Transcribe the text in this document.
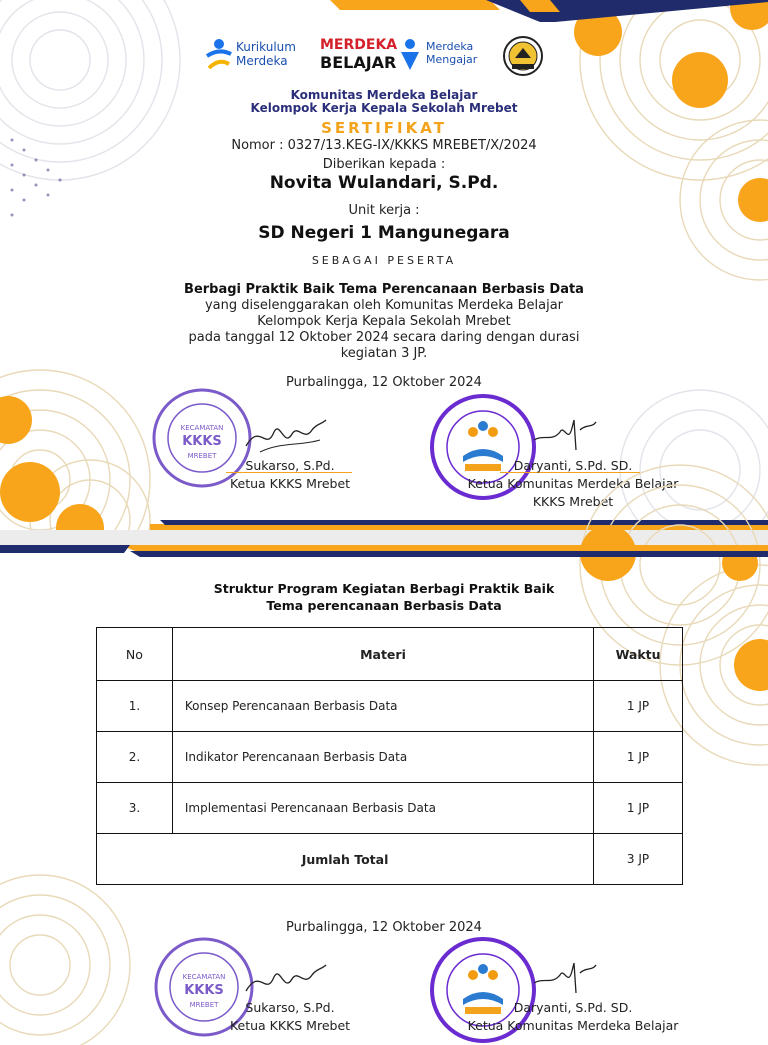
Kurikulum
Merdeka
MERDEKA
BELAJAR
Merdeka
Mengajar
Komunitas Merdeka Belajar
Kelompok Kerja Kepala Sekolah Mrebet
SERTIFIKAT
Nomor : 0327/13.KEG-IX/KKKS MREBET/X/2024
Diberikan kepada :
Novita Wulandari, S.Pd.
Unit kerja :
SD Negeri 1 Mangunegara
SEBAGAI PESERTA
Berbagi Praktik Baik Tema Perencanaan Berbasis Data
yang diselenggarakan oleh Komunitas Merdeka Belajar
Kelompok Kerja Kepala Sekolah Mrebet
pada tanggal 12 Oktober 2024 secara daring dengan durasi
kegiatan 3 JP.
Purbalingga, 12 Oktober 2024
KECAMATAN
KKKS
MREBET
Sukarso, S.Pd.
Ketua KKKS Mrebet
Daryanti, S.Pd. SD.
Ketua Komunitas Merdeka Belajar
KKKS Mrebet
Struktur Program Kegiatan Berbagi Praktik Baik
Tema perencanaan Berbasis Data
No	Materi	Waktu
1.	Konsep Perencanaan Berbasis Data	1 JP
2.	Indikator Perencanaan Berbasis Data	1 JP
3.	Implementasi Perencanaan Berbasis Data	1 JP
Jumlah Total		3 JP
Purbalingga, 12 Oktober 2024
KECAMATAN
KKKS
MREBET	Sukarso, S.Pd.
Ketua KKKS Mrebet
Daryanti, S.Pd. SD.
Ketua Komunitas Merdeka Belajar
